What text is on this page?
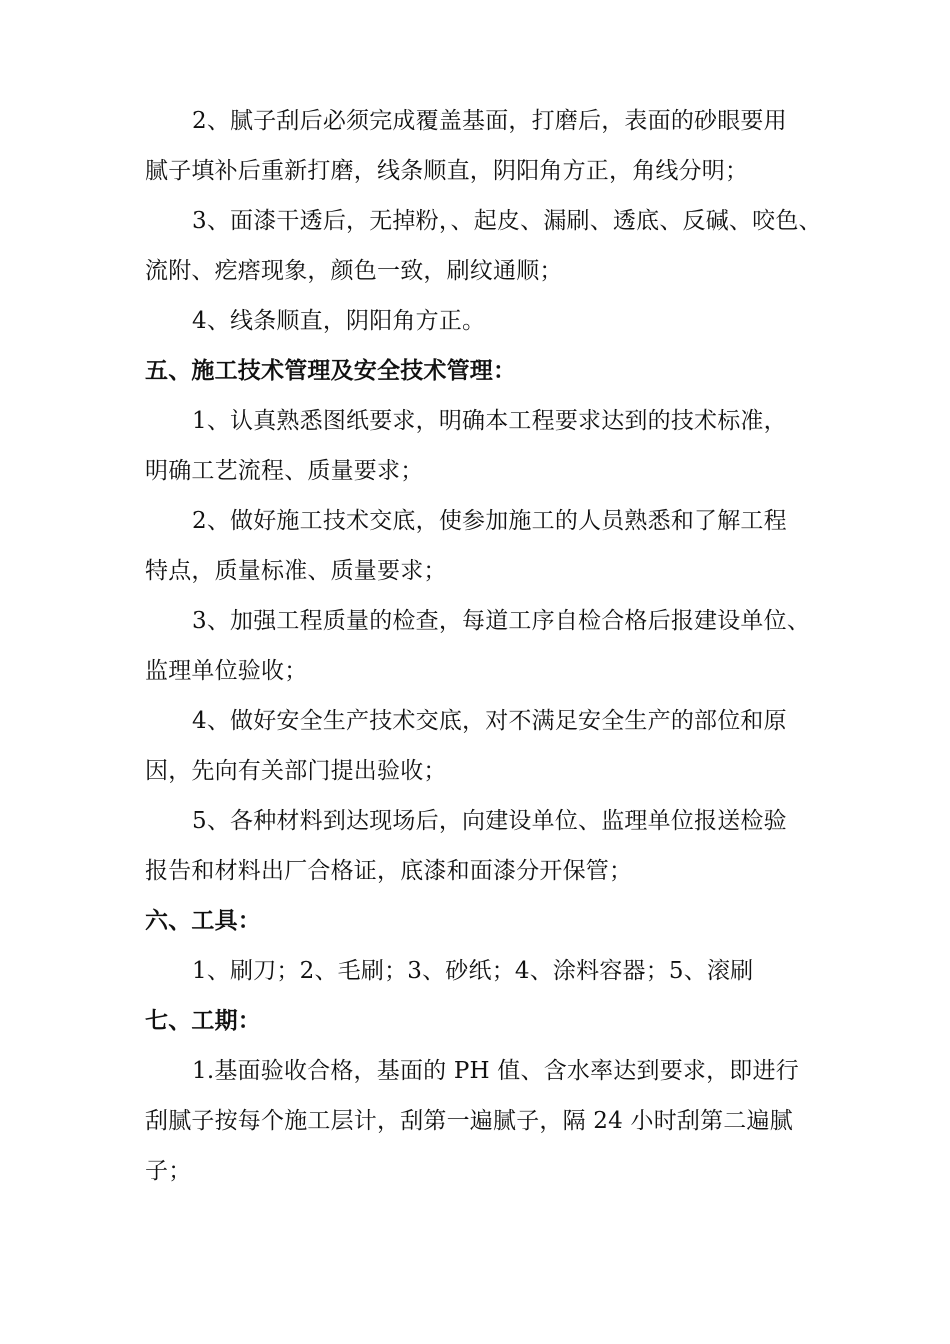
2、腻子刮后必须完成覆盖基面，打磨后，表面的砂眼要用
腻子填补后重新打磨，线条顺直，阴阳角方正，角线分明；
3、面漆干透后，无掉粉，、起皮、漏刷、透底、反碱、咬色、
流附、疙瘩现象，颜色一致，刷纹通顺；
4、线条顺直，阴阳角方正。
五、施工技术管理及安全技术管理：
1、认真熟悉图纸要求，明确本工程要求达到的技术标准，
明确工艺流程、质量要求；
2、做好施工技术交底，使参加施工的人员熟悉和了解工程
特点，质量标准、质量要求；
3、加强工程质量的检查，每道工序自检合格后报建设单位、
监理单位验收；
4、做好安全生产技术交底，对不满足安全生产的部位和原
因，先向有关部门提出验收；
5、各种材料到达现场后，向建设单位、监理单位报送检验
报告和材料出厂合格证，底漆和面漆分开保管；
六、工具：
1、刷刀；2、毛刷；3、砂纸；4、涂料容器；5、滚刷
七、工期：
1.基面验收合格，基面的 PH 值、含水率达到要求，即进行
刮腻子按每个施工层计，刮第一遍腻子，隔 24 小时刮第二遍腻
子；
